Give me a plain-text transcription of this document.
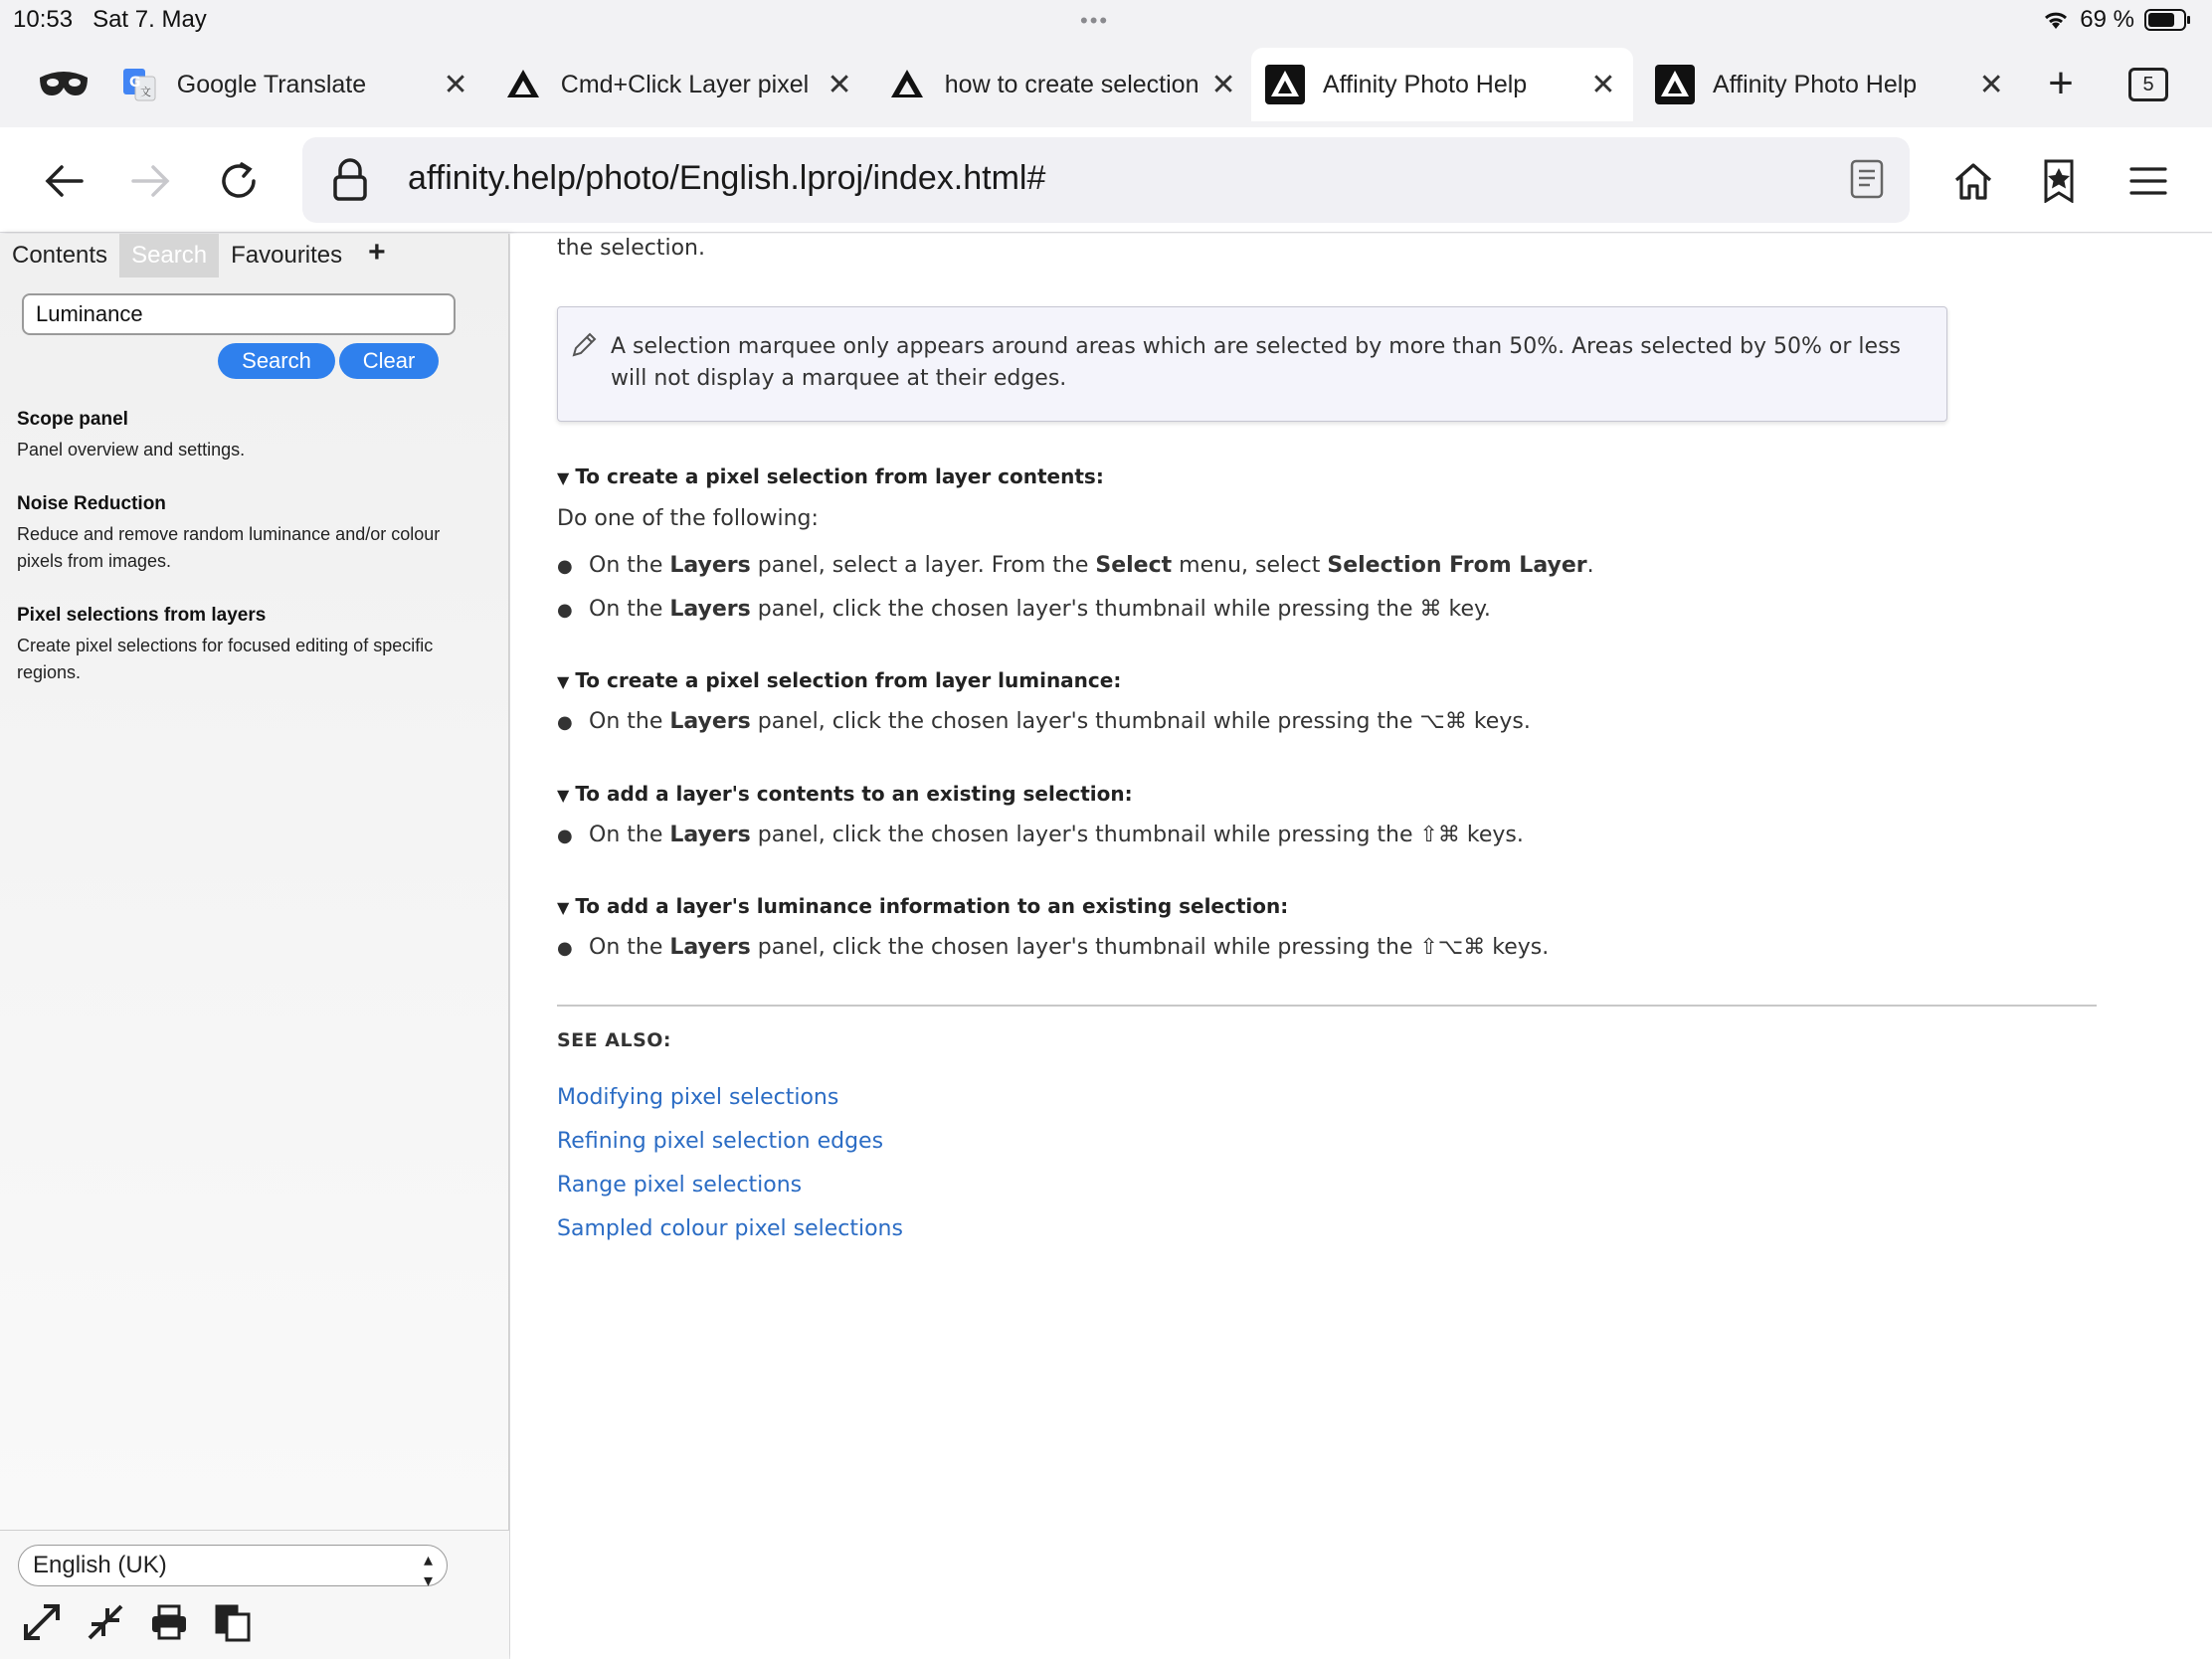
10:53 Sat 7. May	•••	69 %
G
文 Google Translate	✕	Cmd+Click Layer pixel ✕	how to create selection ✕	Affinity Photo Help	✕	Affinity Photo Help	✕ +	5
affinity.help/photo/English.lproj/index.html#
Contents	Search	Favourites +
Luminance
Search	Clear
Scope panel
Panel overview and settings.
Noise Reduction
Reduce and remove random luminance and/or colour pixels from images.
Pixel selections from layers
Create pixel selections for focused editing of specific regions.
English (UK)	▴
▾
the selection.
A selection marquee only appears around areas which are selected by more than 50%. Areas selected by 50% or less will not display a marquee at their edges.
▼ To create a pixel selection from layer contents:
Do one of the following:
● On the Layers panel, select a layer. From the Select menu, select Selection From Layer.
● On the Layers panel, click the chosen layer's thumbnail while pressing the ⌘ key.
▼ To create a pixel selection from layer luminance:
● On the Layers panel, click the chosen layer's thumbnail while pressing the ⌥⌘ keys.
▼ To add a layer's contents to an existing selection:
● On the Layers panel, click the chosen layer's thumbnail while pressing the ⇧⌘ keys.
▼ To add a layer's luminance information to an existing selection:
● On the Layers panel, click the chosen layer's thumbnail while pressing the ⇧⌥⌘ keys.
SEE ALSO:
Modifying pixel selections
Refining pixel selection edges
Range pixel selections
Sampled colour pixel selections
